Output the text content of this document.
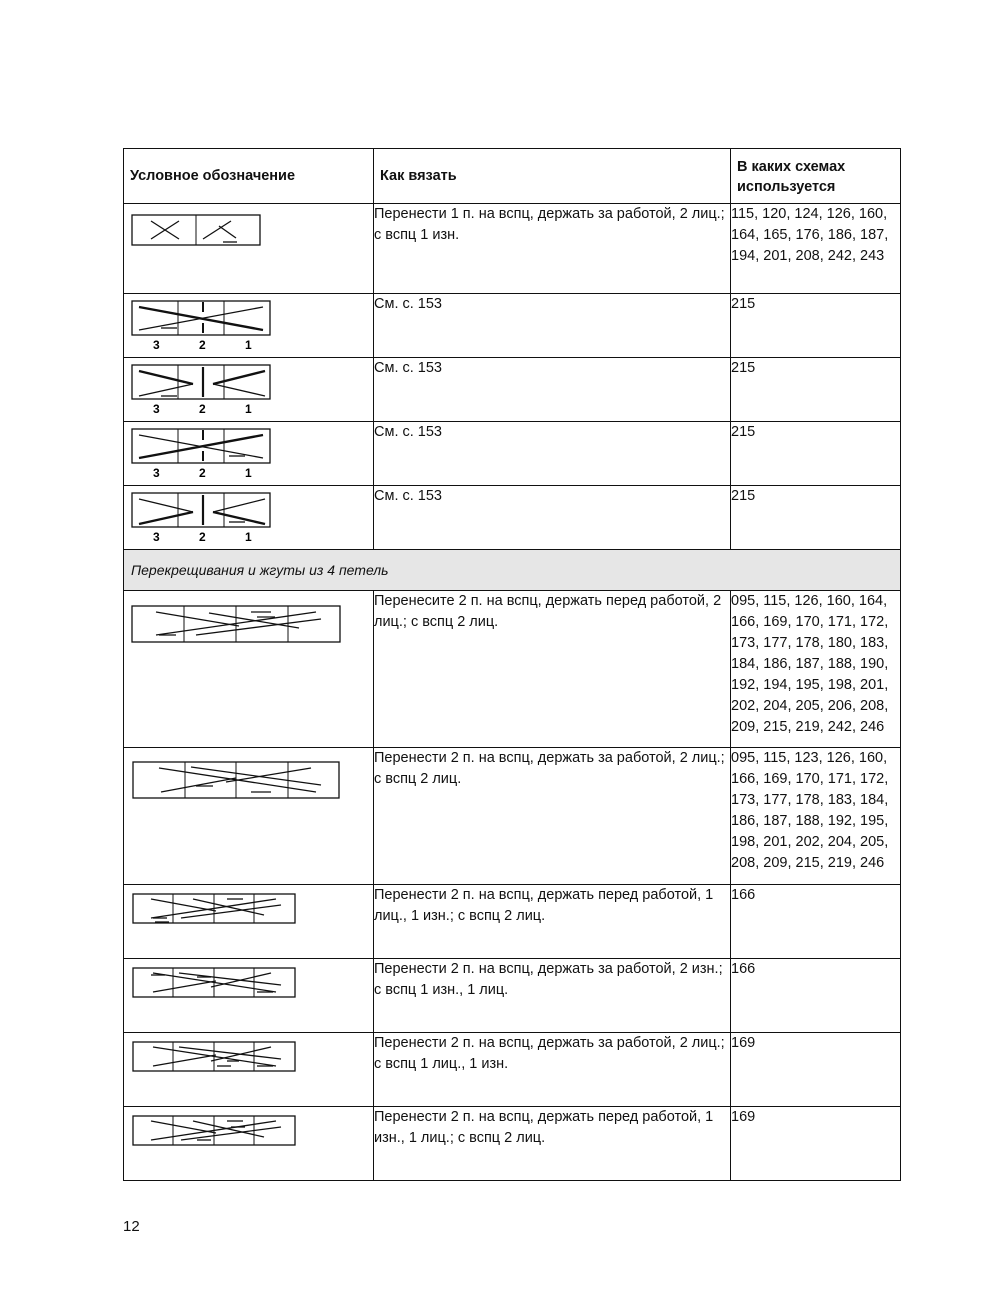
Условное обозначение	Как вязать	В каких схемах используется

	Перенести 1 п. на вспц, держать за работой, 2 лиц.; с вспц 1 изн.	115, 120, 124, 126, 160, 164, 165, 176, 186, 187, 194, 201, 208, 242, 243

3 2 1	См. с. 153	215

3 2 1	См. с. 153	215

3 2 1	См. с. 153	215

3 2 1	См. с. 153	215
Перекрещивания и жгуты из 4 петель		

	Перенесите 2 п. на вспц, держать перед работой, 2 лиц.; с вспц 2 лиц.	095, 115, 126, 160, 164, 166, 169, 170, 171, 172, 173, 177, 178, 180, 183, 184, 186, 187, 188, 190, 192, 194, 195, 198, 201, 202, 204, 205, 206, 208, 209, 215, 219, 242, 246

	Перенести 2 п. на вспц, держать за работой, 2 лиц.; с вспц 2 лиц.	095, 115, 123, 126, 160, 166, 169, 170, 171, 172, 173, 177, 178, 183, 184, 186, 187, 188, 192, 195, 198, 201, 202, 204, 205, 208, 209, 215, 219, 246

	Перенести 2 п. на вспц, держать перед работой, 1 лиц., 1 изн.; с вспц 2 лиц.	166

	Перенести 2 п. на вспц, держать за работой, 2 изн.; с вспц 1 изн., 1 лиц.	166

	Перенести 2 п. на вспц, держать за работой, 2 лиц.; с вспц 1 лиц., 1 изн.	169

	Перенести 2 п. на вспц, держать перед работой, 1 изн., 1 лиц.; с вспц 2 лиц.	169
12
